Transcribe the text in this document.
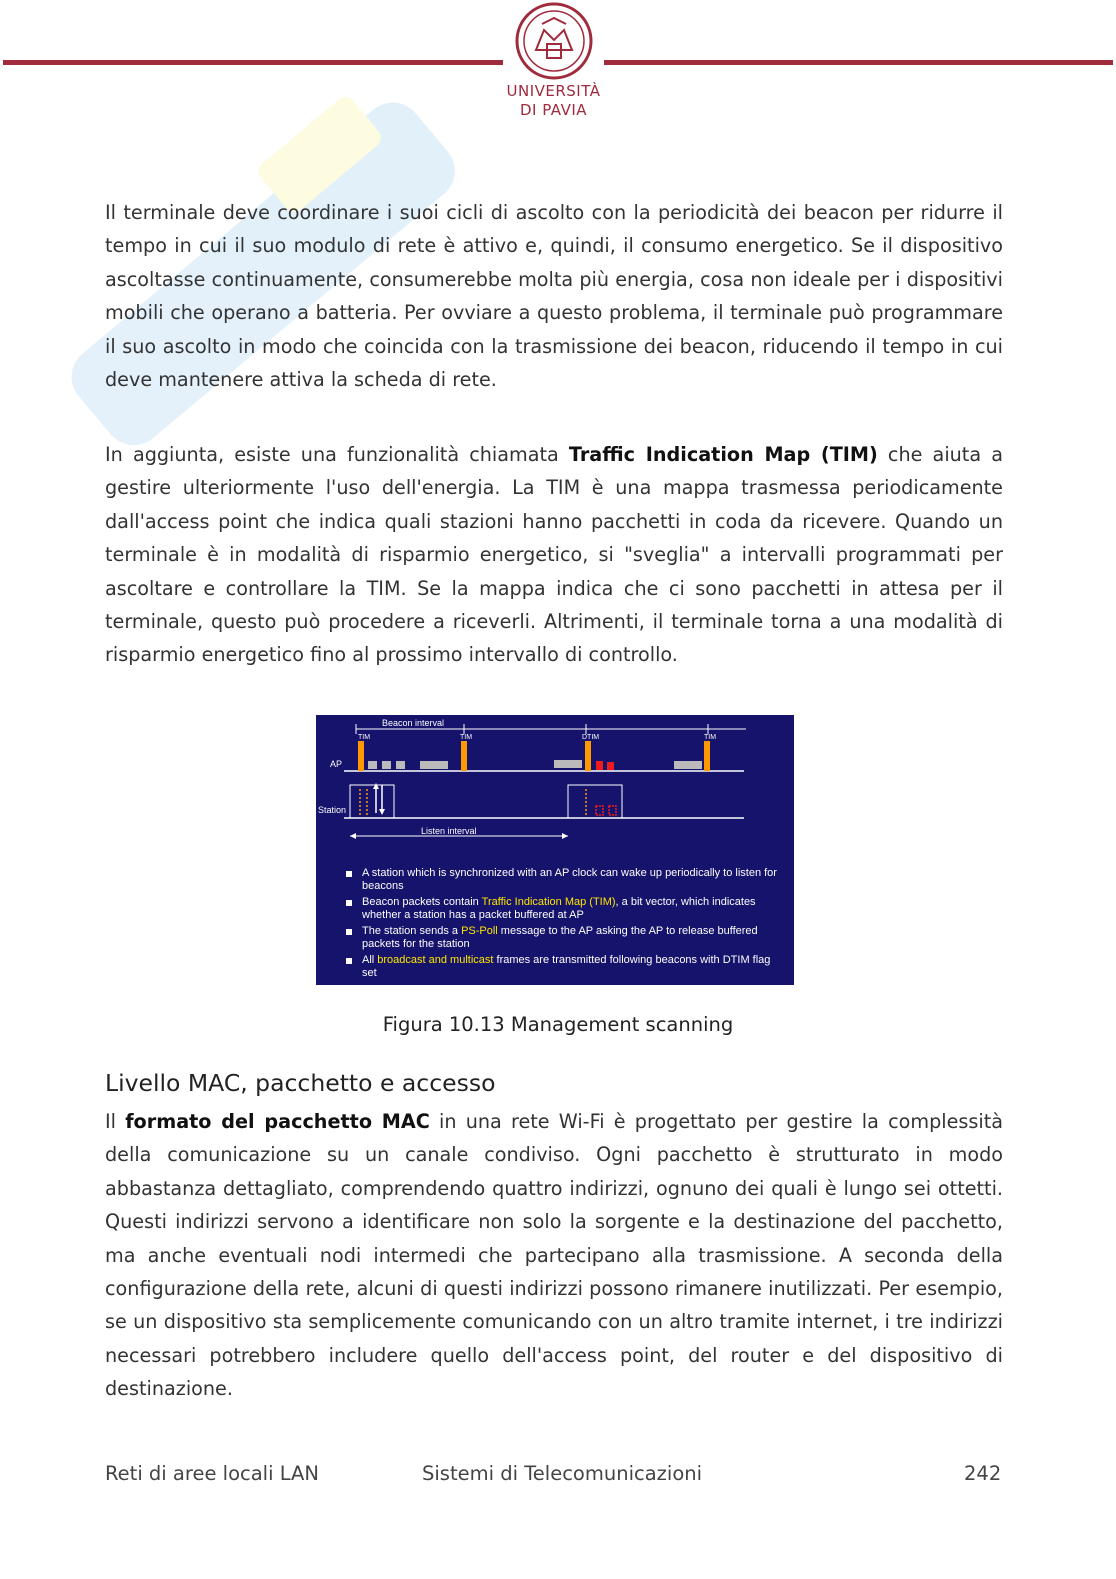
UNIVERSITÀ
DI PAVIA

Il terminale deve coordinare i suoi cicli di ascolto con la periodicità dei beacon per ridurre il tempo in cui il suo modulo di rete è attivo e, quindi, il consumo energetico. Se il dispositivo ascoltasse continuamente, consumerebbe molta più energia, cosa non ideale per i dispositivi mobili che operano a batteria. Per ovviare a questo problema, il terminale può programmare il suo ascolto in modo che coincida con la trasmissione dei beacon, riducendo il tempo in cui deve mantenere attiva la scheda di rete.

In aggiunta, esiste una funzionalità chiamata Traffic Indication Map (TIM) che aiuta a gestire ulteriormente l'uso dell'energia. La TIM è una mappa trasmessa periodicamente dall'access point che indica quali stazioni hanno pacchetti in coda da ricevere. Quando un terminale è in modalità di risparmio energetico, si "sveglia" a intervalli programmati per ascoltare e controllare la TIM. Se la mappa indica che ci sono pacchetti in attesa per il terminale, questo può procedere a riceverli. Altrimenti, il terminale torna a una modalità di risparmio energetico fino al prossimo intervallo di controllo.

Beacon interval
TIM	TIM	DTIM	TIM
AP
Station
Listen interval
A station which is synchronized with an AP clock can wake up periodically to listen for beacons
Beacon packets contain Traffic Indication Map (TIM), a bit vector, which indicates whether a station has a packet buffered at AP
The station sends a PS-Poll message to the AP asking the AP to release buffered packets for the station
All broadcast and multicast frames are transmitted following beacons with DTIM flag set
Figura 10.13 Management scanning
Livello MAC, pacchetto e accesso

Il formato del pacchetto MAC in una rete Wi-Fi è progettato per gestire la complessità della comunicazione su un canale condiviso. Ogni pacchetto è strutturato in modo abbastanza dettagliato, comprendendo quattro indirizzi, ognuno dei quali è lungo sei ottetti. Questi indirizzi servono a identificare non solo la sorgente e la destinazione del pacchetto, ma anche eventuali nodi intermedi che partecipano alla trasmissione. A seconda della configurazione della rete, alcuni di questi indirizzi possono rimanere inutilizzati. Per esempio, se un dispositivo sta semplicemente comunicando con un altro tramite internet, i tre indirizzi necessari potrebbero includere quello dell'access point, del router e del dispositivo di destinazione.

Reti di aree locali LAN	Sistemi di Telecomunicazioni	242
